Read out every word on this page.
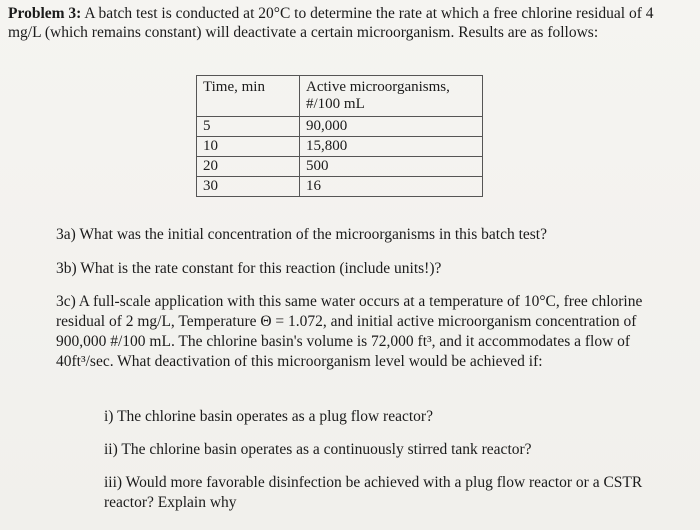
Problem 3: A batch test is conducted at 20°C to determine the rate at which a free chlorine residual of 4 mg/L (which remains constant) will deactivate a certain microorganism. Results are as follows:
Time, min	Active microorganisms, #/100 mL
5	90,000
10	15,800
20	500
30	16
3a) What was the initial concentration of the microorganisms in this batch test?
3b) What is the rate constant for this reaction (include units!)?
3c) A full-scale application with this same water occurs at a temperature of 10°C, free chlorine residual of 2 mg/L, Temperature Θ = 1.072, and initial active microorganism concentration of 900,000 #/100 mL. The chlorine basin's volume is 72,000 ft³, and it accommodates a flow of 40ft³/sec. What deactivation of this microorganism level would be achieved if:
i) The chlorine basin operates as a plug flow reactor?
ii) The chlorine basin operates as a continuously stirred tank reactor?
iii) Would more favorable disinfection be achieved with a plug flow reactor or a CSTR reactor? Explain why
